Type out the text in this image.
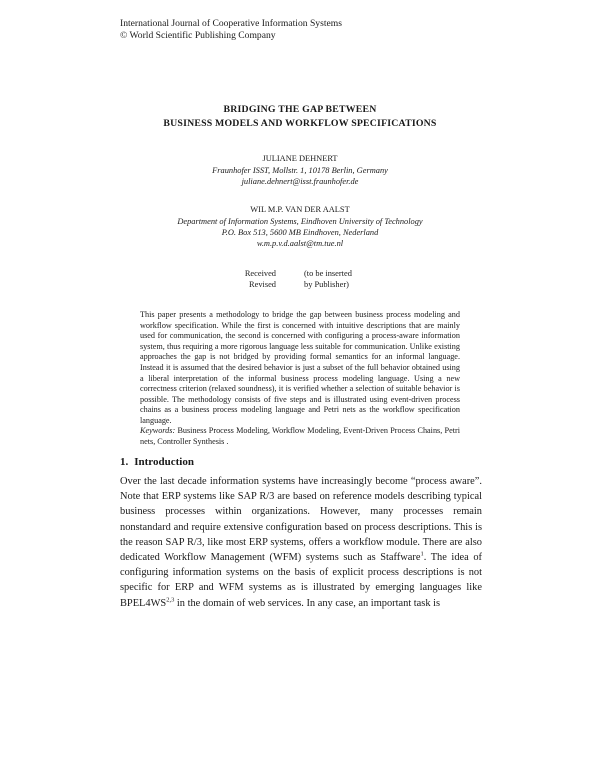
International Journal of Cooperative Information Systems
© World Scientific Publishing Company
BRIDGING THE GAP BETWEEN
BUSINESS MODELS AND WORKFLOW SPECIFICATIONS
JULIANE DEHNERT
Fraunhofer ISST, Mollstr. 1, 10178 Berlin, Germany
juliane.dehnert@isst.fraunhofer.de
WIL M.P. VAN DER AALST
Department of Information Systems, Eindhoven University of Technology
P.O. Box 513, 5600 MB Eindhoven, Nederland
w.m.p.v.d.aalst@tm.tue.nl
Received
Revised
(to be inserted
by Publisher)
This paper presents a methodology to bridge the gap between business process modeling and workflow specification. While the first is concerned with intuitive descriptions that are mainly used for communication, the second is concerned with configuring a process-aware information system, thus requiring a more rigorous language less suitable for communication. Unlike existing approaches the gap is not bridged by providing formal semantics for an informal language. Instead it is assumed that the desired behavior is just a subset of the full behavior obtained using a liberal interpretation of the informal business process modeling language. Using a new correctness criterion (relaxed soundness), it is verified whether a selection of suitable behavior is possible. The methodology consists of five steps and is illustrated using event-driven process chains as a business process modeling language and Petri nets as the workflow specification language.
Keywords: Business Process Modeling, Workflow Modeling, Event-Driven Process Chains, Petri nets, Controller Synthesis .
1. Introduction
Over the last decade information systems have increasingly become “process aware”. Note that ERP systems like SAP R/3 are based on reference models describing typical business processes within organizations. However, many processes remain nonstandard and require extensive configuration based on process descriptions. This is the reason SAP R/3, like most ERP systems, offers a workflow module. There are also dedicated Workflow Management (WFM) systems such as Staffware$^1$. The idea of configuring information systems on the basis of explicit process descriptions is not specific for ERP and WFM systems as is illustrated by emerging languages like BPEL4WS$^{2,3}$ in the domain of web services. In any case, an important task is
